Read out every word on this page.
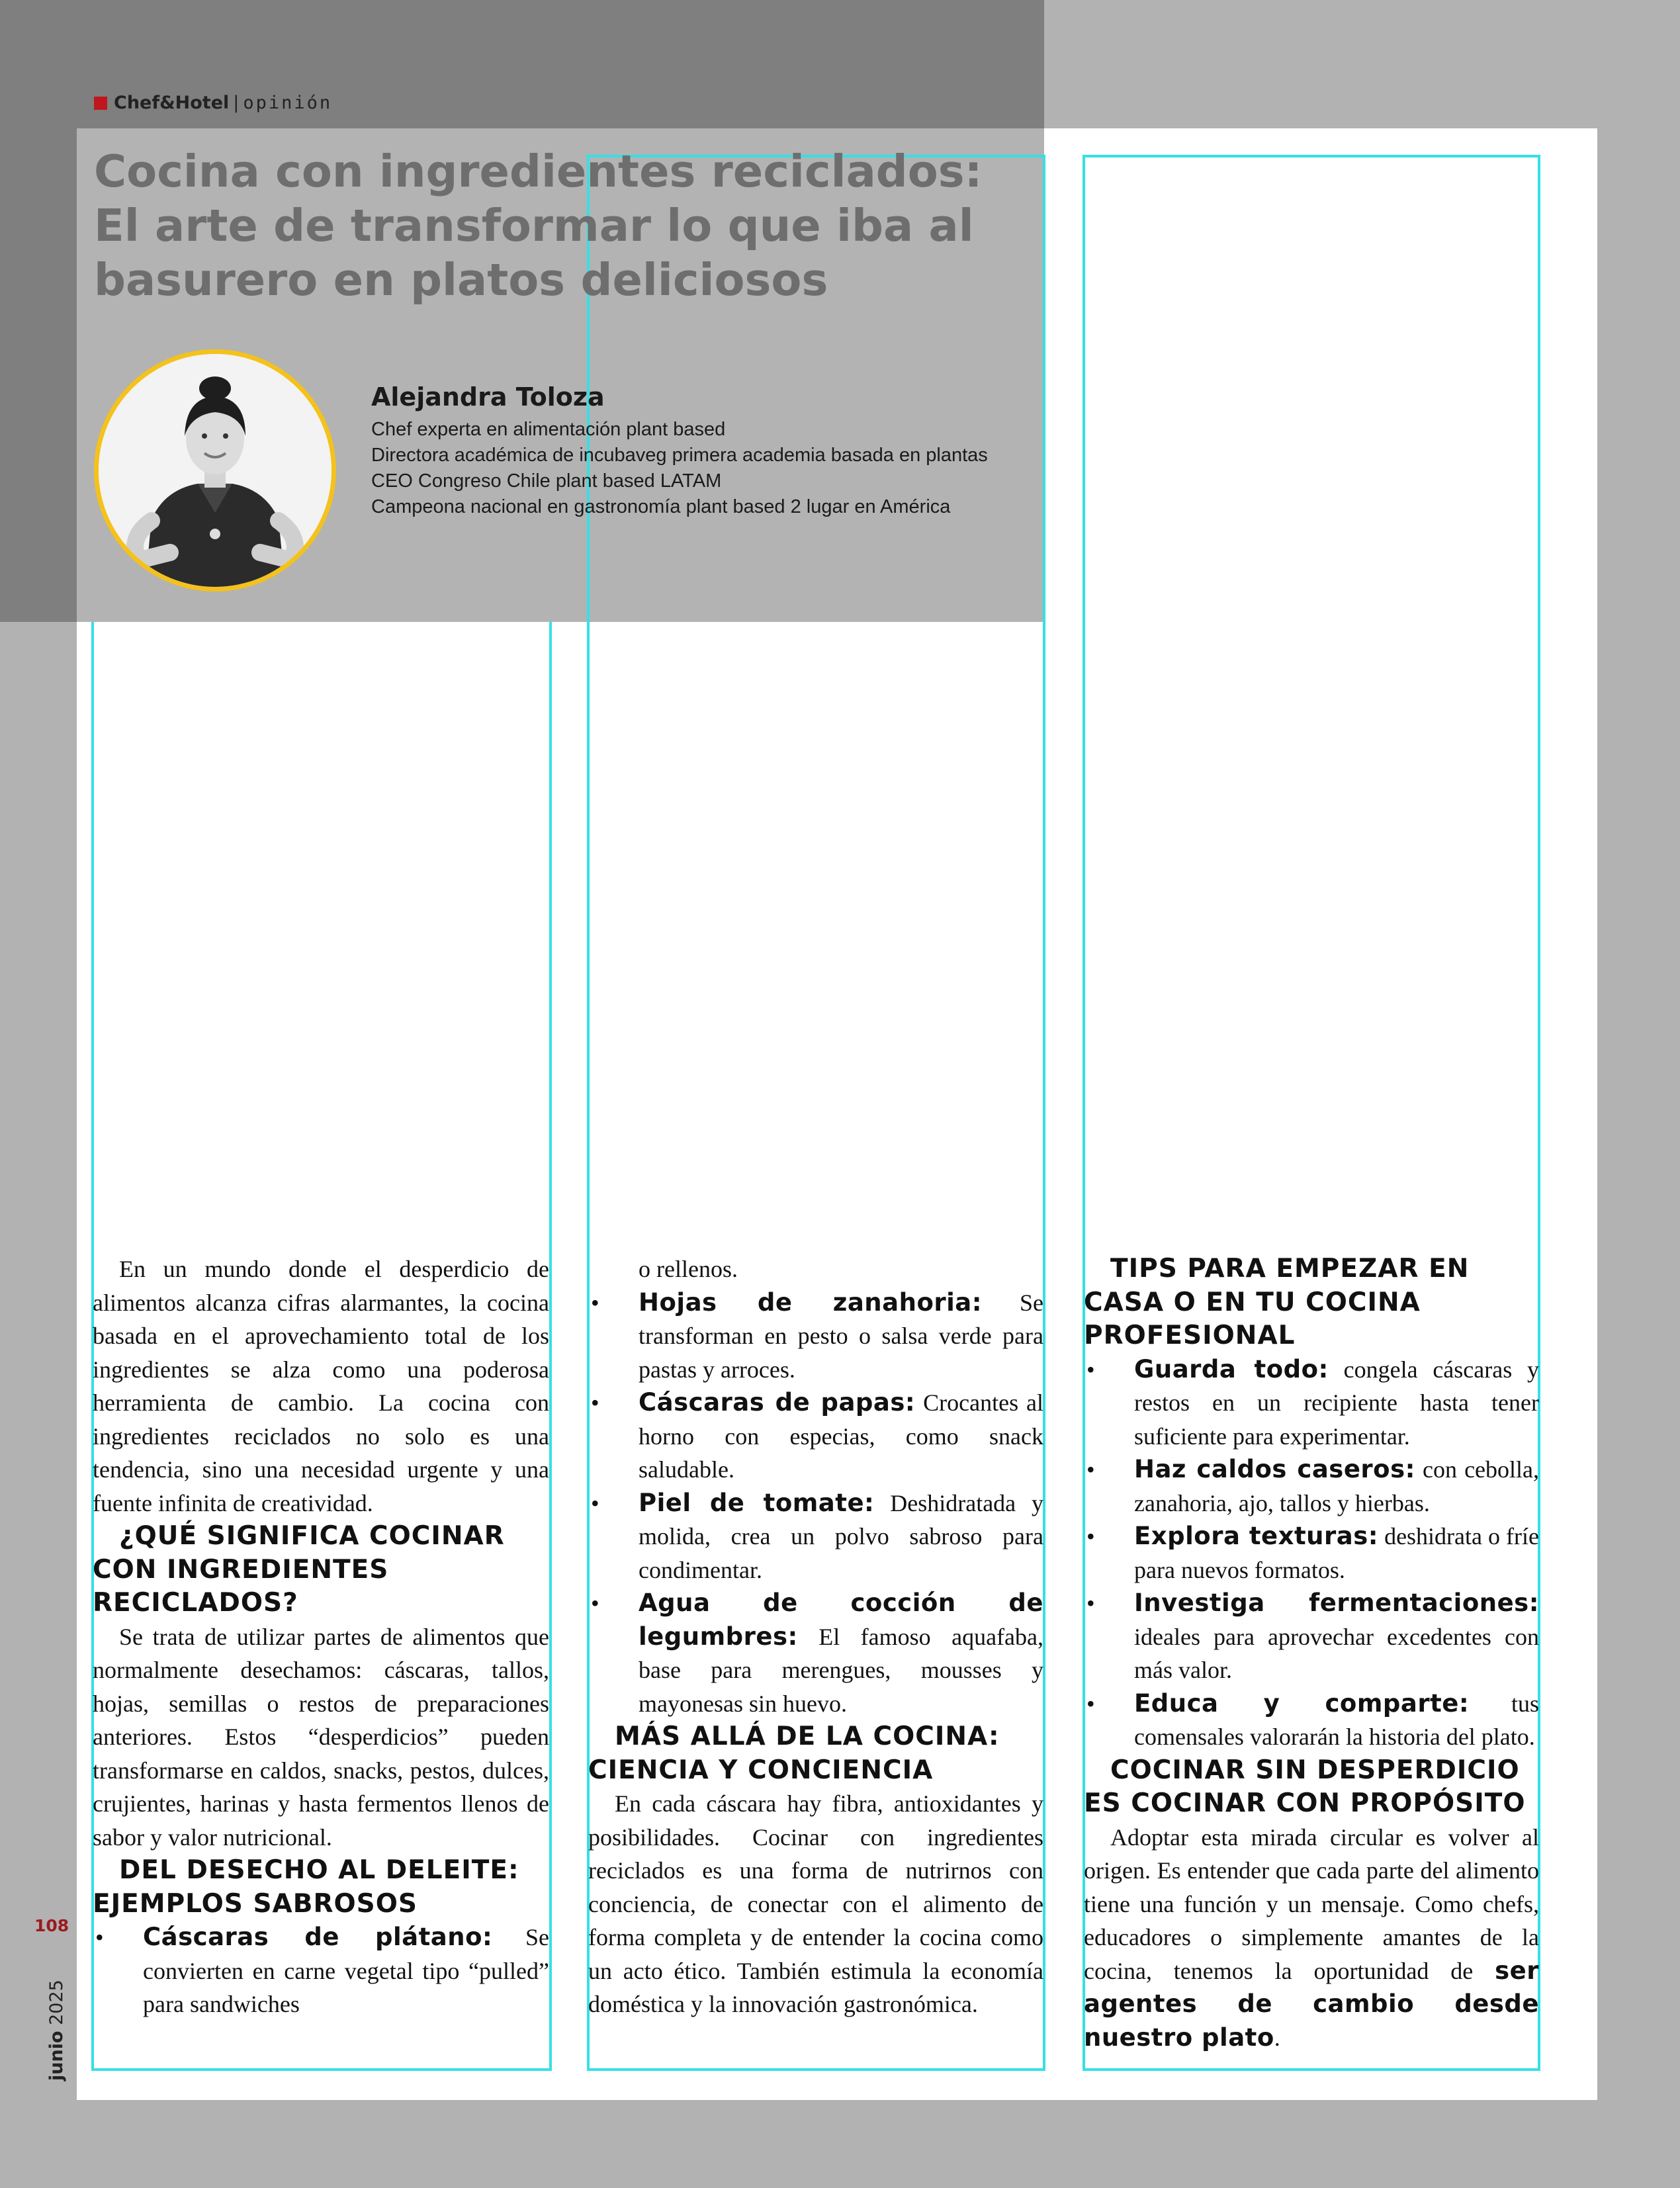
Chef&Hotel | opinión
Cocina con ingredientes reciclados:
El arte de transformar lo que iba al
basurero en platos deliciosos

Alejandra Toloza

Chef experta en alimentación plant based
Directora académica de incubaveg primera academia basada en plantas
CEO Congreso Chile plant based LATAM
Campeona nacional en gastronomía plant based 2 lugar en América

En un mundo donde el desperdicio de alimentos alcanza cifras alarmantes, la cocina basada en el aprovechamiento total de los ingredientes se alza como una poderosa herramienta de cambio. La cocina con ingredientes reciclados no solo es una tendencia, sino una necesidad urgente y una fuente infinita de creatividad.

¿QUÉ SIGNIFICA COCINAR
CON INGREDIENTES
RECICLADOS?

Se trata de utilizar partes de alimentos que normalmente desechamos: cáscaras, tallos, hojas, semillas o restos de preparaciones anteriores. Estos “desperdicios” pueden transformarse en caldos, snacks, pestos, dulces, crujientes, harinas y hasta fermentos llenos de sabor y valor nutricional.

DEL DESECHO AL DELEITE:
EJEMPLOS SABROSOS
• Cáscaras de plátano: Se convierten en carne vegetal tipo “pulled” para sandwiches

o rellenos.

• Hojas de zanahoria: Se transforman en pesto o salsa verde para pastas y arroces.
• Cáscaras de papas: Crocantes al horno con especias, como snack saludable.
• Piel de tomate: Deshidratada y molida, crea un polvo sabroso para condimentar.
• Agua de cocción de legumbres: El famoso aquafaba, base para merengues, mousses y mayonesas sin huevo.
MÁS ALLÁ DE LA COCINA:
CIENCIA Y CONCIENCIA

En cada cáscara hay fibra, antioxidantes y posibilidades. Cocinar con ingredientes reciclados es una forma de nutrirnos con conciencia, de conectar con el alimento de forma completa y de entender la cocina como un acto ético. También estimula la economía doméstica y la innovación gastronómica.

TIPS PARA EMPEZAR EN
CASA O EN TU COCINA
PROFESIONAL
• Guarda todo: congela cáscaras y restos en un recipiente hasta tener suficiente para experimentar.
• Haz caldos caseros: con cebolla, zanahoria, ajo, tallos y hierbas.
• Explora texturas: deshidrata o fríe para nuevos formatos.
• Investiga fermentaciones: ideales para aprovechar excedentes con más valor.
• Educa y comparte: tus comensales valorarán la historia del plato.
COCINAR SIN DESPERDICIO
ES COCINAR CON PROPÓSITO

Adoptar esta mirada circular es volver al origen. Es entender que cada parte del alimento tiene una función y un mensaje. Como chefs, educadores o simplemente amantes de la cocina, tenemos la oportunidad de ser agentes de cambio desde nuestro plato.

108
junio 2025
